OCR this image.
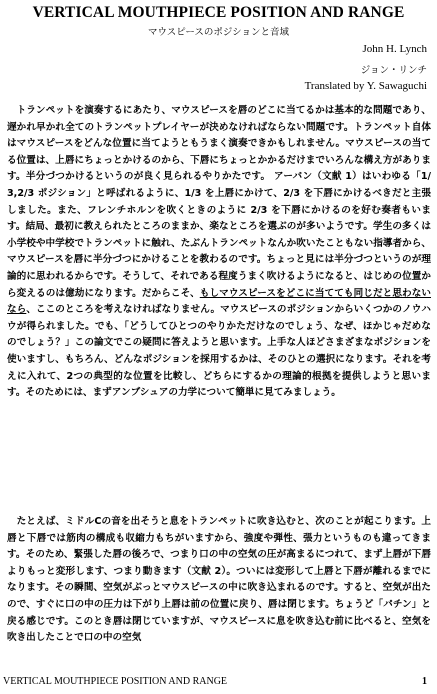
VERTICAL MOUTHPIECE POSITION AND RANGE
マウスピースのポジションと音域
John H. Lynch
ジョン・リンチ
Translated by Y. Sawaguchi
トランペットを演奏するにあたり、マウスピースを唇のどこに当てるかは基本的な問題であり、遅かれ早かれ全てのトランペットプレイヤーが決めなければならない問題です。トランペット自体はマウスピースをどんな位置に当てようともうまく演奏できかもしれません。マウスピースの当てる位置は、上唇にちょっとかけるのから、下唇にちょっとかかるだけまでいろんな構え方があります。半分づつかけるというのが良く見られるやりかたです。 アーバン（文献 1）はいわゆる「1/3,2/3 ポジション」と呼ばれるように、1/3 を上唇にかけて、2/3 を下唇にかけるべきだと主張しました。また、フレンチホルンを吹くときのように 2/3 を下唇にかけるのを好む奏者もいます。結局、最初に教えられたところのままか、楽なところを選ぶのが多いようです。学生の多くは小学校や中学校でトランペットに触れ、たぶんトランペットなんか吹いたこともない指導者から、マウスピースを唇に半分づつにかけることを教わるのです。ちょっと見には半分づつというのが理論的に思われるからです。そうして、それである程度うまく吹けるようになると、はじめの位置から変えるのは億劫になります。だからこそ、もしマウスピースをどこに当てても同じだと思わないなら、ここのところを考えなければなりません。マウスピースのポジションからいくつかのノウハウが得られました。でも、「どうしてひとつのやりかただけなのでしょう、なぜ、ほかじゃだめなのでしょう？」この論文でこの疑問に答えようと思います。上手な人ほどさまざまなポジションを使いますし、もちろん、どんなポジションを採用するかは、そのひとの選択になります。それを考えに入れて、2つの典型的な位置を比較し、どちらにするかの理論的根拠を提供しようと思います。そのためには、まずアンブシュアの力学について簡単に見てみましょう。
たとえば、ミドルCの音を出そうと息をトランペットに吹き込むと、次のことが起こります。上唇と下唇では筋肉の構成も収縮力もちがいますから、強度や弾性、張力というものも違ってきます。そのため、緊張した唇の後ろで、つまり口の中の空気の圧が高まるにつれて、まず上唇が下唇よりもっと変形します、つまり動きます（文献 2）。ついには変形して上唇と下唇が離れるまでになります。その瞬間、空気がぶっとマウスピースの中に吹き込まれるのです。すると、空気が出たので、すぐに口の中の圧力は下がり上唇は前の位置に戻り、唇は閉じます。ちょうど「パチン」と戻る感じです。このとき唇は閉じていますが、マウスピースに息を吹き込む前に比べると、空気を吹き出したことで口の中の空気
VERTICAL MOUTHPIECE POSITION AND RANGE	1
